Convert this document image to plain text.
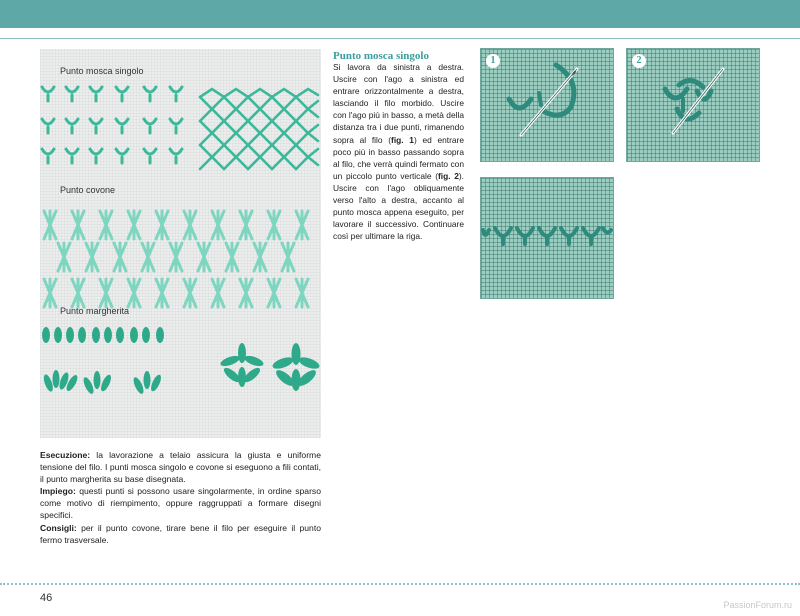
Punto mosca singolo
Punto covone
Punto margherita

Esecuzione: la lavorazione a telaio assicura la giusta e uniforme tensione del filo. I punti mosca singolo e covone si eseguono a fili contati, il punto margherita su base disegnata.

Impiego: questi punti si possono usare singolarmente, in ordine sparso come motivo di riempimento, oppure raggruppati a formare disegni specifici.

Consigli: per il punto covone, tirare bene il filo per eseguire il punto fermo trasversale.

Punto mosca singolo
Si lavora da sinistra a destra. Uscire con l'ago a sinistra ed entrare orizzontalmente a destra, lasciando il filo morbido. Uscire con l'ago più in basso, a metà della distanza tra i due punti, rimanendo sopra al filo (fig. 1) ed entrare poco più in basso passando sopra al filo, che verrà quindi fermato con un piccolo punto verticale (fig. 2). Uscire con l'ago obliquamente verso l'alto a destra, accanto al punto mosca appena eseguito, per lavorare il successivo. Continuare così per ultimare la riga.
1	2
46
PassionForum.ru
